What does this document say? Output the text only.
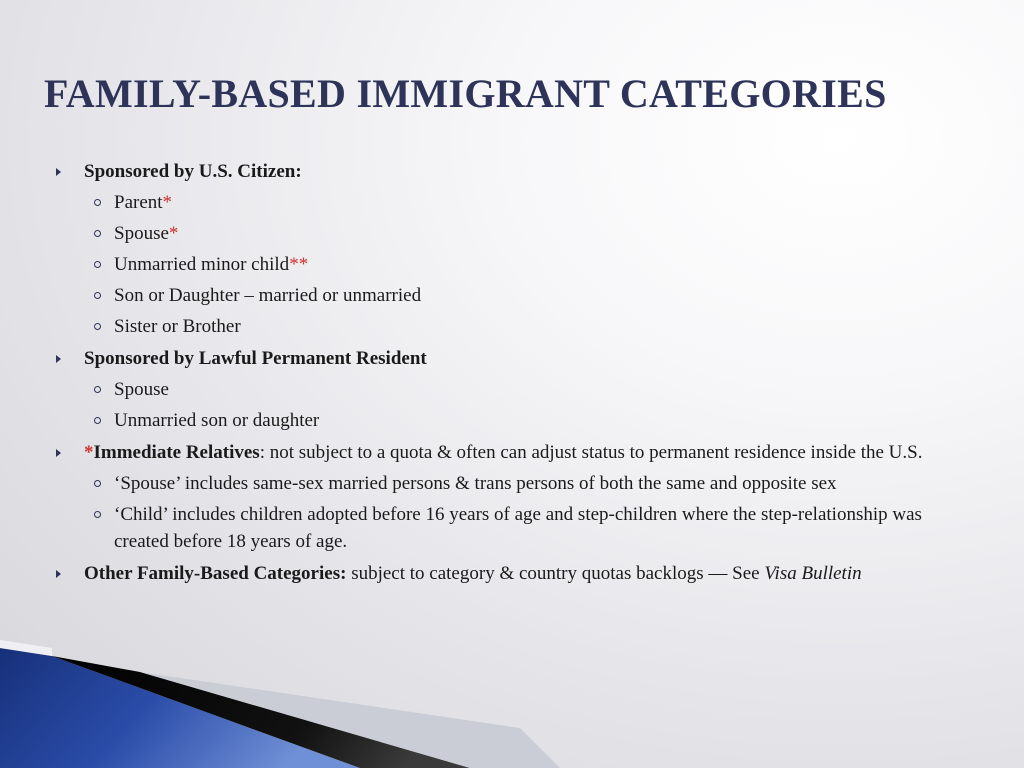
FAMILY-BASED IMMIGRANT CATEGORIES
Sponsored by U.S. Citizen:
Parent*
Spouse*
Unmarried minor child**
Son or Daughter – married or unmarried
Sister or Brother
Sponsored by Lawful Permanent Resident
Spouse
Unmarried son or daughter
*Immediate Relatives: not subject to a quota & often can adjust status to permanent residence inside the U.S.
‘Spouse’ includes same-sex married persons & trans persons of both the same and opposite sex
‘Child’ includes children adopted before 16 years of age and step-children where the step-relationship was created before 18 years of age.
Other Family-Based Categories: subject to category & country quotas backlogs — See Visa Bulletin
